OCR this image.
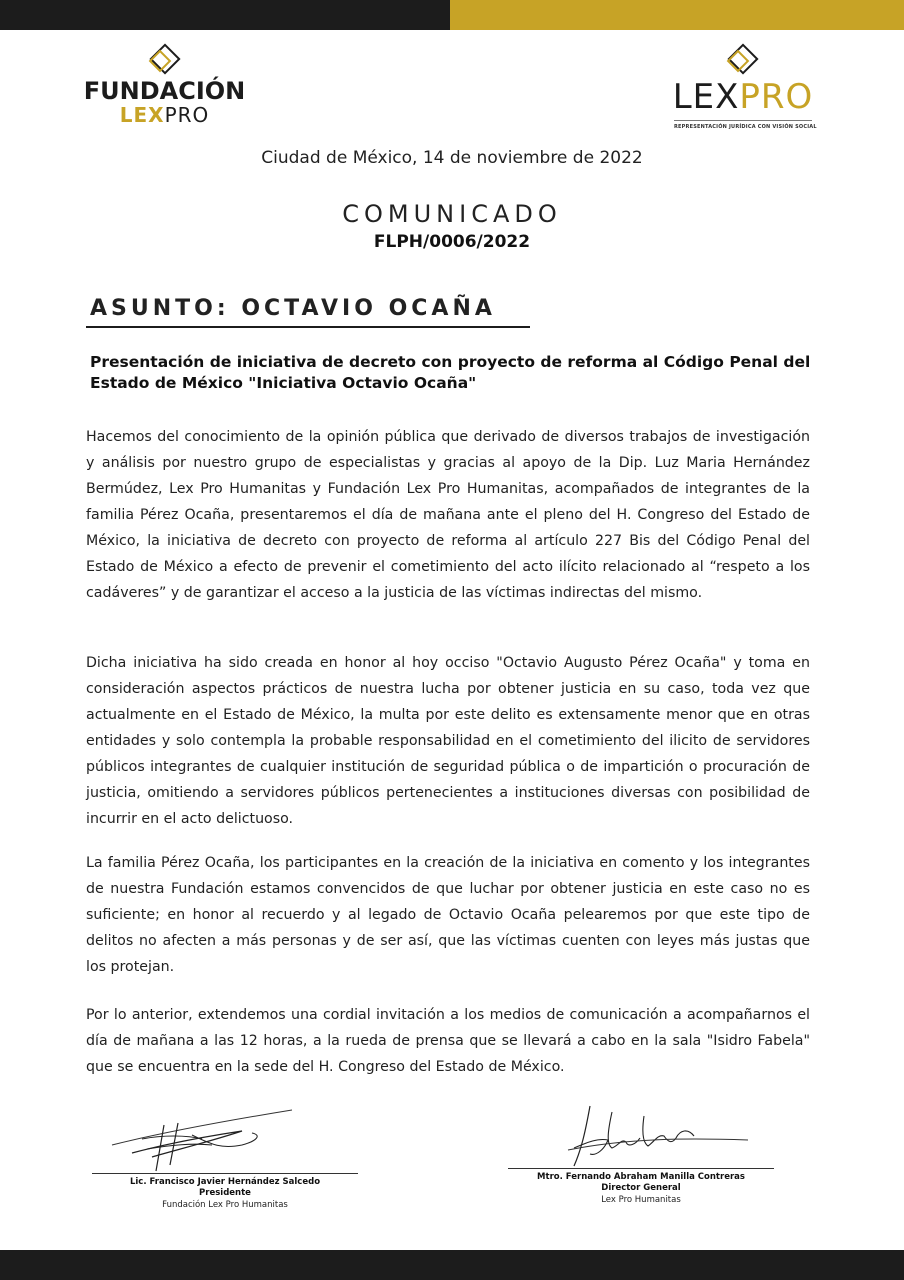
FUNDACIÓN
LEXPRO	LEXPRO
REPRESENTACIÓN JURÍDICA CON VISIÓN SOCIAL
Ciudad de México, 14 de noviembre de 2022
COMUNICADO
FLPH/0006/2022
ASUNTO: OCTAVIO OCAÑA
Presentación de iniciativa de decreto con proyecto de reforma al Código Penal del Estado de México "Iniciativa Octavio Ocaña"

Hacemos del conocimiento de la opinión pública que derivado de diversos trabajos de investigación y análisis por nuestro grupo de especialistas y gracias al apoyo de la Dip. Luz Maria Hernández Bermúdez, Lex Pro Humanitas y Fundación Lex Pro Humanitas, acompañados de integrantes de la familia Pérez Ocaña, presentaremos el día de mañana ante el pleno del H. Congreso del Estado de México, la iniciativa de decreto con proyecto de reforma al artículo 227 Bis del Código Penal del Estado de México a efecto de prevenir el cometimiento del acto ilícito relacionado al “respeto a los cadáveres” y de garantizar el acceso a la justicia de las víctimas indirectas del mismo.

Dicha iniciativa ha sido creada en honor al hoy occiso "Octavio Augusto Pérez Ocaña" y toma en consideración aspectos prácticos de nuestra lucha por obtener justicia en su caso, toda vez que actualmente en el Estado de México, la multa por este delito es extensamente menor que en otras entidades y solo contempla la probable responsabilidad en el cometimiento del ilicito de servidores públicos integrantes de cualquier institución de seguridad pública o de impartición o procuración de justicia, omitiendo a servidores públicos pertenecientes a instituciones diversas con posibilidad de incurrir en el acto delictuoso.

La familia Pérez Ocaña, los participantes en la creación de la iniciativa en comento y los integrantes de nuestra Fundación estamos convencidos de que luchar por obtener justicia en este caso no es suficiente; en honor al recuerdo y al legado de Octavio Ocaña pelearemos por que este tipo de delitos no afecten a más personas y de ser así, que las víctimas cuenten con leyes más justas que los protejan.

Por lo anterior, extendemos una cordial invitación a los medios de comunicación a acompañarnos el día de mañana a las 12 horas, a la rueda de prensa que se llevará a cabo en la sala "Isidro Fabela" que se encuentra en la sede del H. Congreso del Estado de México.

Lic. Francisco Javier Hernández Salcedo
Presidente
Fundación Lex Pro Humanitas
Mtro. Fernando Abraham Manilla Contreras
Director General
Lex Pro Humanitas
